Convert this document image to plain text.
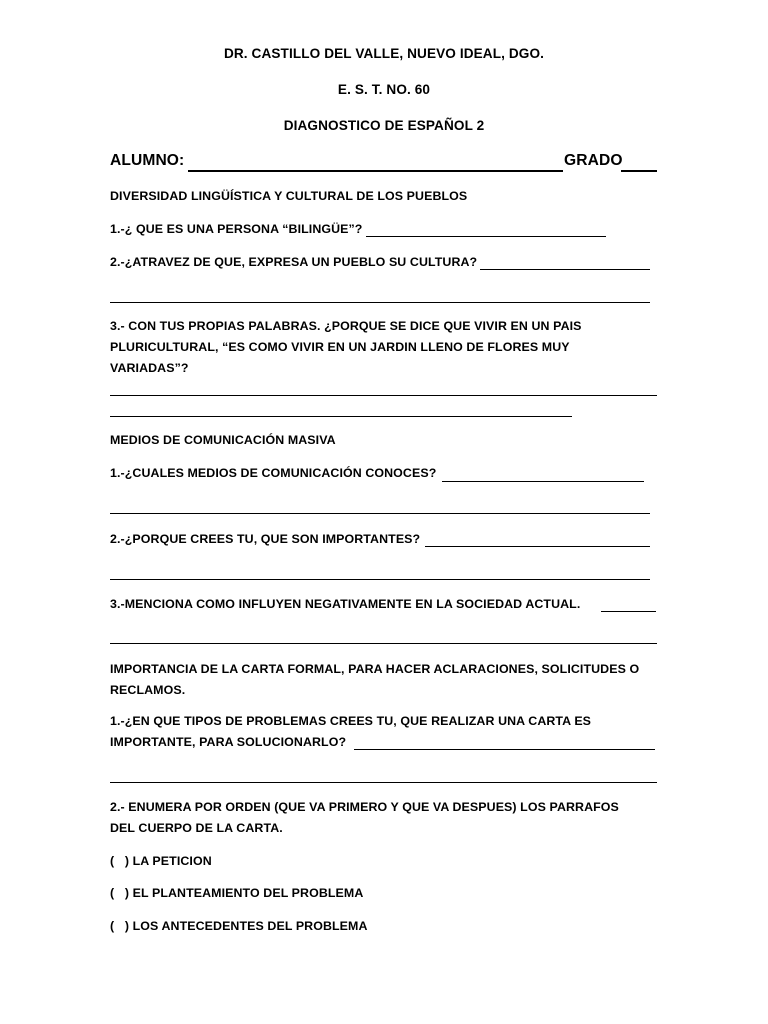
DR. CASTILLO DEL VALLE, NUEVO IDEAL, DGO.
E. S. T. NO. 60
DIAGNOSTICO DE ESPAÑOL 2
ALUMNO:	GRADO
DIVERSIDAD LINGÜÍSTICA Y CULTURAL DE LOS PUEBLOS
1.-¿ QUE ES UNA PERSONA “BILINGÜE”?
2.-¿ATRAVEZ DE QUE, EXPRESA UN PUEBLO SU CULTURA?
3.- CON TUS PROPIAS PALABRAS. ¿PORQUE SE DICE QUE VIVIR EN UN PAIS
PLURICULTURAL, “ES COMO VIVIR EN UN JARDIN LLENO DE FLORES MUY
VARIADAS”?
MEDIOS DE COMUNICACIÓN MASIVA
1.-¿CUALES MEDIOS DE COMUNICACIÓN CONOCES?
2.-¿PORQUE CREES TU, QUE SON IMPORTANTES?
3.-MENCIONA COMO INFLUYEN NEGATIVAMENTE EN LA SOCIEDAD ACTUAL.
IMPORTANCIA DE LA CARTA FORMAL, PARA HACER ACLARACIONES, SOLICITUDES O
RECLAMOS.
1.-¿EN QUE TIPOS DE PROBLEMAS CREES TU, QUE REALIZAR UNA CARTA ES
IMPORTANTE, PARA SOLUCIONARLO?
2.- ENUMERA POR ORDEN (QUE VA PRIMERO Y QUE VA DESPUES) LOS PARRAFOS
DEL CUERPO DE LA CARTA.
(   ) LA PETICION
(   ) EL PLANTEAMIENTO DEL PROBLEMA
(   ) LOS ANTECEDENTES DEL PROBLEMA
